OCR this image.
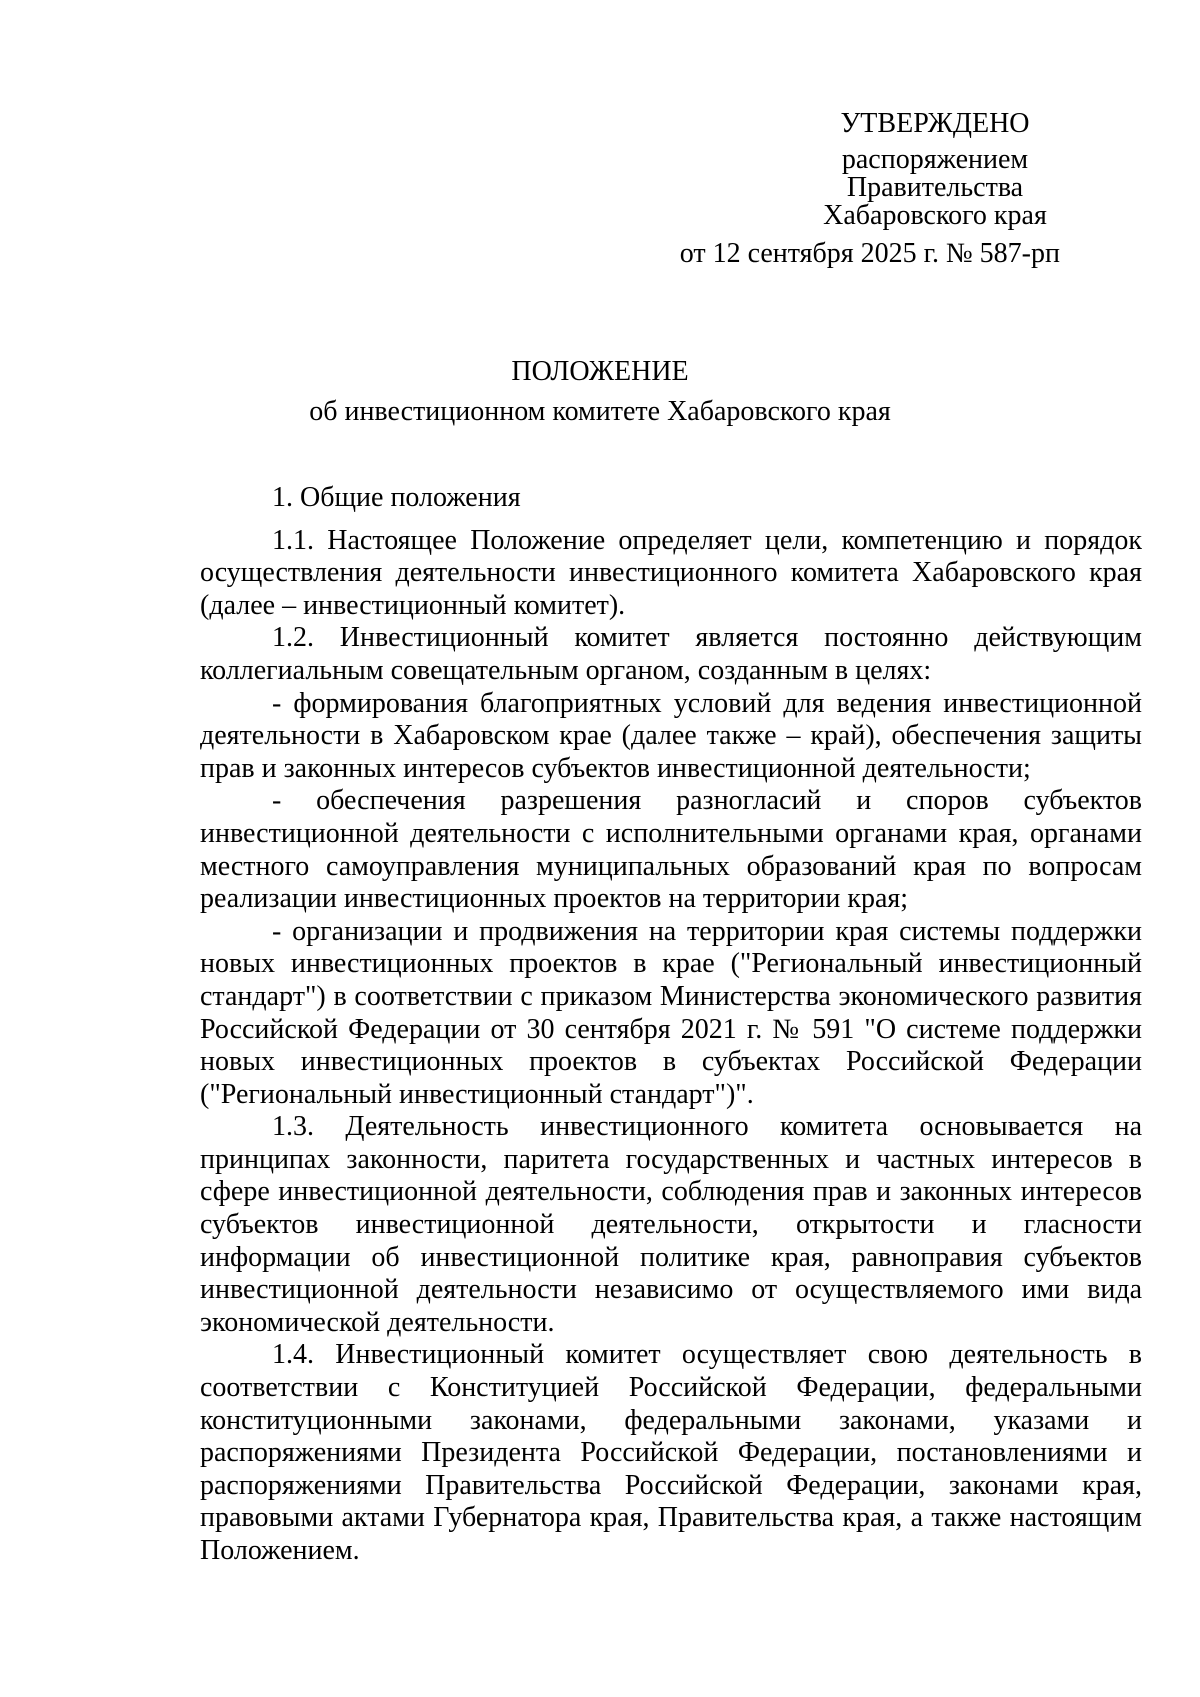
УТВЕРЖДЕНО
распоряжением
Правительства
Хабаровского края
от 12 сентября 2025 г. № 587-рп
ПОЛОЖЕНИЕ
об инвестиционном комитете Хабаровского края

1. Общие положения

1.1. Настоящее Положение определяет цели, компетенцию и порядок осуществления деятельности инвестиционного комитета Хабаровского края (далее – инвестиционный комитет).

1.2. Инвестиционный комитет является постоянно действующим коллегиальным совещательным органом, созданным в целях:

- формирования благоприятных условий для ведения инвестиционной деятельности в Хабаровском крае (далее также – край), обеспечения защиты прав и законных интересов субъектов инвестиционной деятельности;

- обеспечения разрешения разногласий и споров субъектов инвестиционной деятельности с исполнительными органами края, органами местного самоуправления муниципальных образований края по вопросам реализации инвестиционных проектов на территории края;

- организации и продвижения на территории края системы поддержки новых инвестиционных проектов в крае ("Региональный инвестиционный стандарт") в соответствии с приказом Министерства экономического развития Российской Федерации от 30 сентября 2021 г. № 591 "О системе поддержки новых инвестиционных проектов в субъектах Российской Федерации ("Региональный инвестиционный стандарт")".

1.3. Деятельность инвестиционного комитета основывается на принципах законности, паритета государственных и частных интересов в сфере инвестиционной деятельности, соблюдения прав и законных интересов субъектов инвестиционной деятельности, открытости и гласности информации об инвестиционной политике края, равноправия субъектов инвестиционной деятельности независимо от осуществляемого ими вида экономической деятельности.

1.4. Инвестиционный комитет осуществляет свою деятельность в соответствии с Конституцией Российской Федерации, федеральными конституционными законами, федеральными законами, указами и распоряжениями Президента Российской Федерации, постановлениями и распоряжениями Правительства Российской Федерации, законами края, правовыми актами Губернатора края, Правительства края, а также настоящим Положением.
